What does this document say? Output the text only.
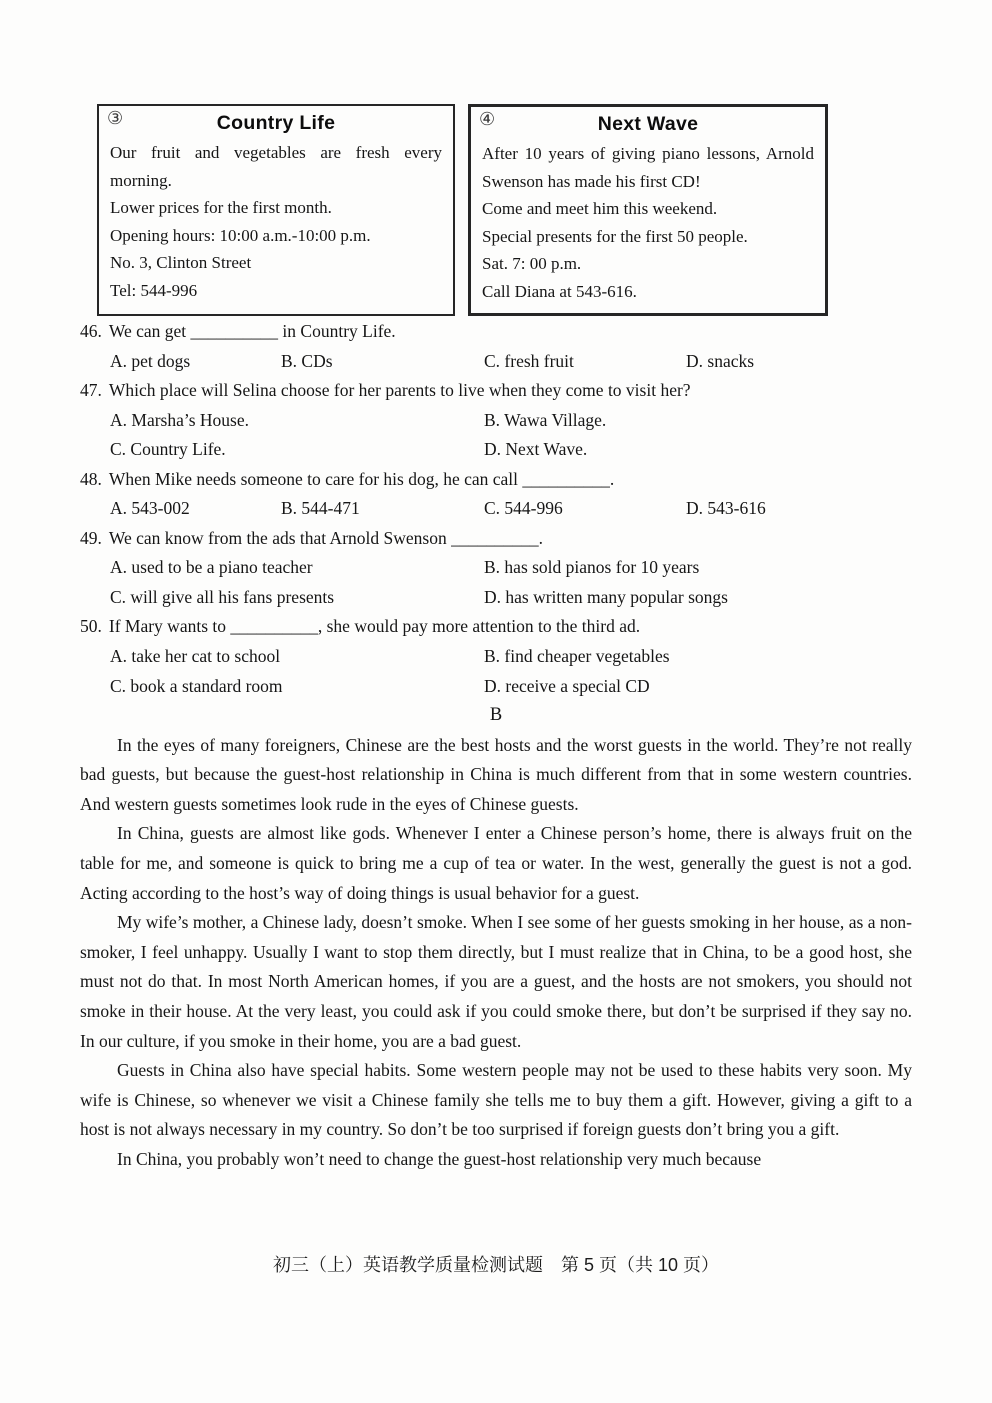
③	Country Life

Our fruit and vegetables are fresh every morning.

Lower prices for the first month.

Opening hours: 10:00 a.m.-10:00 p.m.

No. 3, Clinton Street

Tel: 544-996

④	Next Wave

After 10 years of giving piano lessons, Arnold Swenson has made his first CD!

Come and meet him this weekend.

Special presents for the first 50 people.

Sat. 7: 00 p.m.

Call Diana at 543-616.

46. We can get __________ in Country Life.
A. pet dogs	B. CDs	C. fresh fruit	D. snacks
47. Which place will Selina choose for her parents to live when they come to visit her?
A. Marsha’s House.	B. Wawa Village.
C. Country Life.	D. Next Wave.
48. When Mike needs someone to care for his dog, he can call __________.
A. 543-002	B. 544-471	C. 544-996	D. 543-616
49. We can know from the ads that Arnold Swenson __________.
A. used to be a piano teacher	B. has sold pianos for 10 years
C. will give all his fans presents	D. has written many popular songs
50. If Mary wants to __________, she would pay more attention to the third ad.
A. take her cat to school	B. find cheaper vegetables
C. book a standard room	D. receive a special CD
B

In the eyes of many foreigners, Chinese are the best hosts and the worst guests in the world. They’re not really bad guests, but because the guest-host relationship in China is much different from that in some western countries. And western guests sometimes look rude in the eyes of Chinese guests.

In China, guests are almost like gods. Whenever I enter a Chinese person’s home, there is always fruit on the table for me, and someone is quick to bring me a cup of tea or water. In the west, generally the guest is not a god. Acting according to the host’s way of doing things is usual behavior for a guest.

My wife’s mother, a Chinese lady, doesn’t smoke. When I see some of her guests smoking in her house, as a non-smoker, I feel unhappy. Usually I want to stop them directly, but I must realize that in China, to be a good host, she must not do that. In most North American homes, if you are a guest, and the hosts are not smokers, you should not smoke in their house. At the very least, you could ask if you could smoke there, but don’t be surprised if they say no. In our culture, if you smoke in their home, you are a bad guest.

Guests in China also have special habits. Some western people may not be used to these habits very soon. My wife is Chinese, so whenever we visit a Chinese family she tells me to buy them a gift. However, giving a gift to a host is not always necessary in my country. So don’t be too surprised if foreign guests don’t bring you a gift.

In China, you probably won’t need to change the guest-host relationship very much because

初三（上）英语教学质量检测试题　第 5 页（共 10 页）
